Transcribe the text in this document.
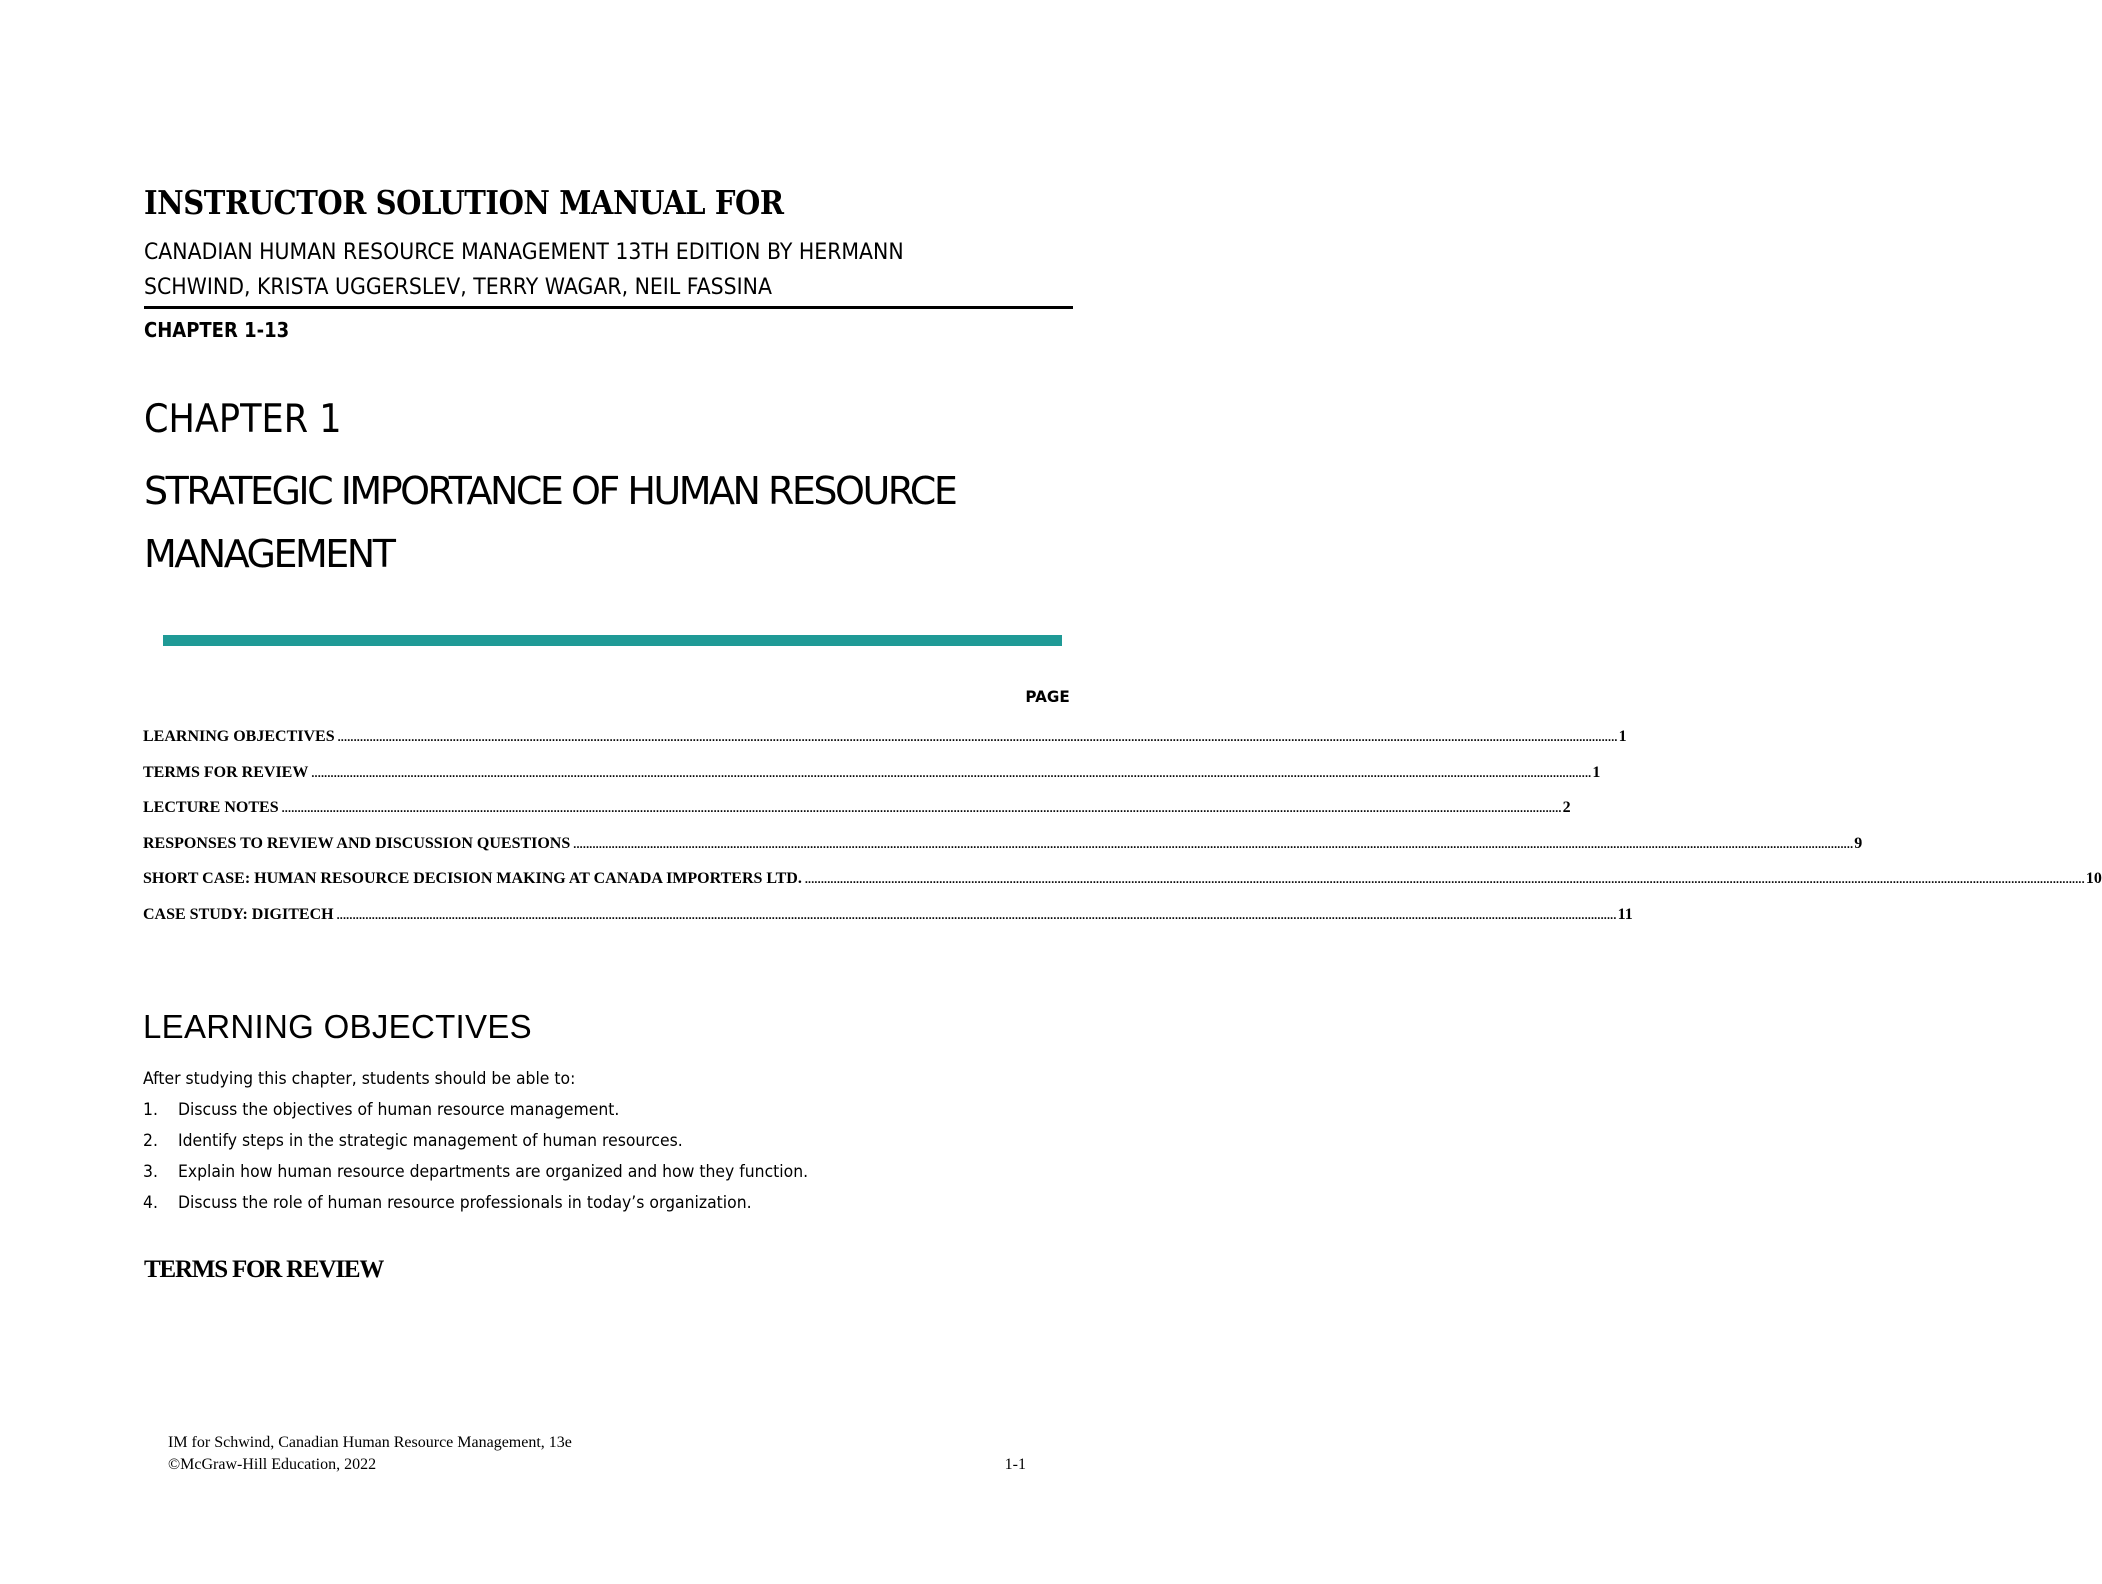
INSTRUCTOR SOLUTION MANUAL FOR
CANADIAN HUMAN RESOURCE MANAGEMENT 13TH EDITION BY HERMANN
SCHWIND, KRISTA UGGERSLEV, TERRY WAGAR, NEIL FASSINA
CHAPTER 1-13
CHAPTER 1
STRATEGIC IMPORTANCE OF HUMAN RESOURCE MANAGEMENT
PAGE
LEARNING OBJECTIVES ................................................................................................................................................................................................................................................................................................................................................................................................................ 1
TERMS FOR REVIEW ................................................................................................................................................................................................................................................................................................................................................................................................................ 1
LECTURE NOTES ................................................................................................................................................................................................................................................................................................................................................................................................................ 2
RESPONSES TO REVIEW AND DISCUSSION QUESTIONS ................................................................................................................................................................................................................................................................................................................................................................................................................ 9
SHORT CASE: HUMAN RESOURCE DECISION MAKING AT CANADA IMPORTERS LTD. ................................................................................................................................................................................................................................................................................................................................................................................................................ 10
CASE STUDY: DIGITECH ................................................................................................................................................................................................................................................................................................................................................................................................................ 11
LEARNING OBJECTIVES
After studying this chapter, students should be able to:
1.	Discuss the objectives of human resource management.
2.	Identify steps in the strategic management of human resources.
3.	Explain how human resource departments are organized and how they function.
4.	Discuss the role of human resource professionals in today’s organization.
TERMS FOR REVIEW
IM for Schwind, Canadian Human Resource Management, 13e
©McGraw-Hill Education, 2022	1-1
